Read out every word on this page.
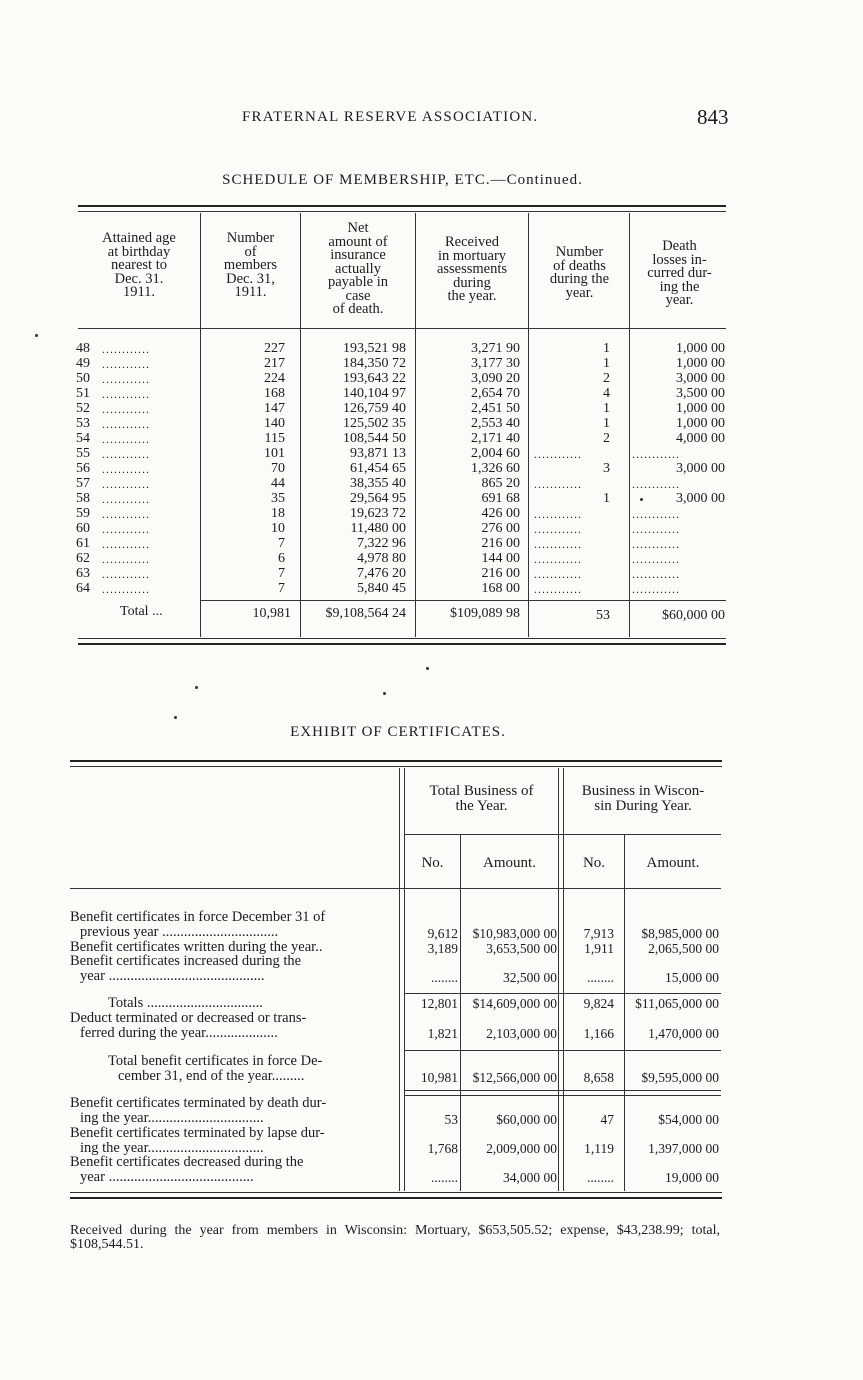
FRATERNAL RESERVE ASSOCIATION.	843
SCHEDULE OF MEMBERSHIP, ETC.—Continued.
Attained age
at birthday
nearest to
Dec. 31.
1911.
Number
of
members
Dec. 31,
1911.
Net
amount of
insurance
actually
payable in
case
of death.
Received
in mortuary
assessments
during
the year.
Number
of deaths
during the
year.
Death
losses in-
curred dur-
ing the
year.
48 ............	227	193,521 98	3,271 90	1	1,000 00
49 ............	217	184,350 72	3,177 30	1	1,000 00
50 ............	224	193,643 22	3,090 20	2	3,000 00
51 ............	168	140,104 97	2,654 70	4	3,500 00
52 ............	147	126,759 40	2,451 50	1	1,000 00
53 ............	140	125,502 35	2,553 40	1	1,000 00
54 ............	115	108,544 50	2,171 40	2	4,000 00
55 ............	101	93,871 13	2,004 60 ............	............
56 ............	70	61,454 65	1,326 60	3	3,000 00
57 ............	44	38,355 40	865 20 ............	............
58 ............	35	29,564 95	691 68	1	3,000 00
59 ............	18	19,623 72	426 00 ............	............
60 ............	10	11,480 00	276 00 ............	............
61 ............	7	7,322 96	216 00 ............	............
62 ............	6	4,978 80	144 00 ............	............
63 ............	7	7,476 20	216 00 ............	............
64 ............	7	5,840 45	168 00 ............	............
Total ...	10,981	$9,108,564 24	$109,089 98	53	$60,000 00
EXHIBIT OF CERTIFICATES.
Total Business of
the Year.
Business in Wiscon-
sin During Year.
No.	Amount.	No.	Amount.
Benefit certificates in force December 31 of
previous year ................................	9,612	$10,983,000 00	7,913	$8,985,000 00
Benefit certificates written during the year..	3,189	3,653,500 00	1,911	2,065,500 00
Benefit certificates increased during the
year ...........................................	........	32,500 00	........	15,000 00
Totals ................................	12,801	$14,609,000 00	9,824	$11,065,000 00
Deduct terminated or decreased or trans-
ferred during the year....................	1,821	2,103,000 00	1,166	1,470,000 00
Total benefit certificates in force De-
cember 31, end of the year.........	10,981	$12,566,000 00	8,658	$9,595,000 00
Benefit certificates terminated by death dur-
ing the year................................	53	$60,000 00	47	$54,000 00
Benefit certificates terminated by lapse dur-
ing the year................................	1,768	2,009,000 00	1,119	1,397,000 00
Benefit certificates decreased during the
year ........................................	........	34,000 00	........	19,000 00
Received during the year from members in Wisconsin: Mortuary, $653,505.52; expense, $43,238.99; total, $108,544.51.
